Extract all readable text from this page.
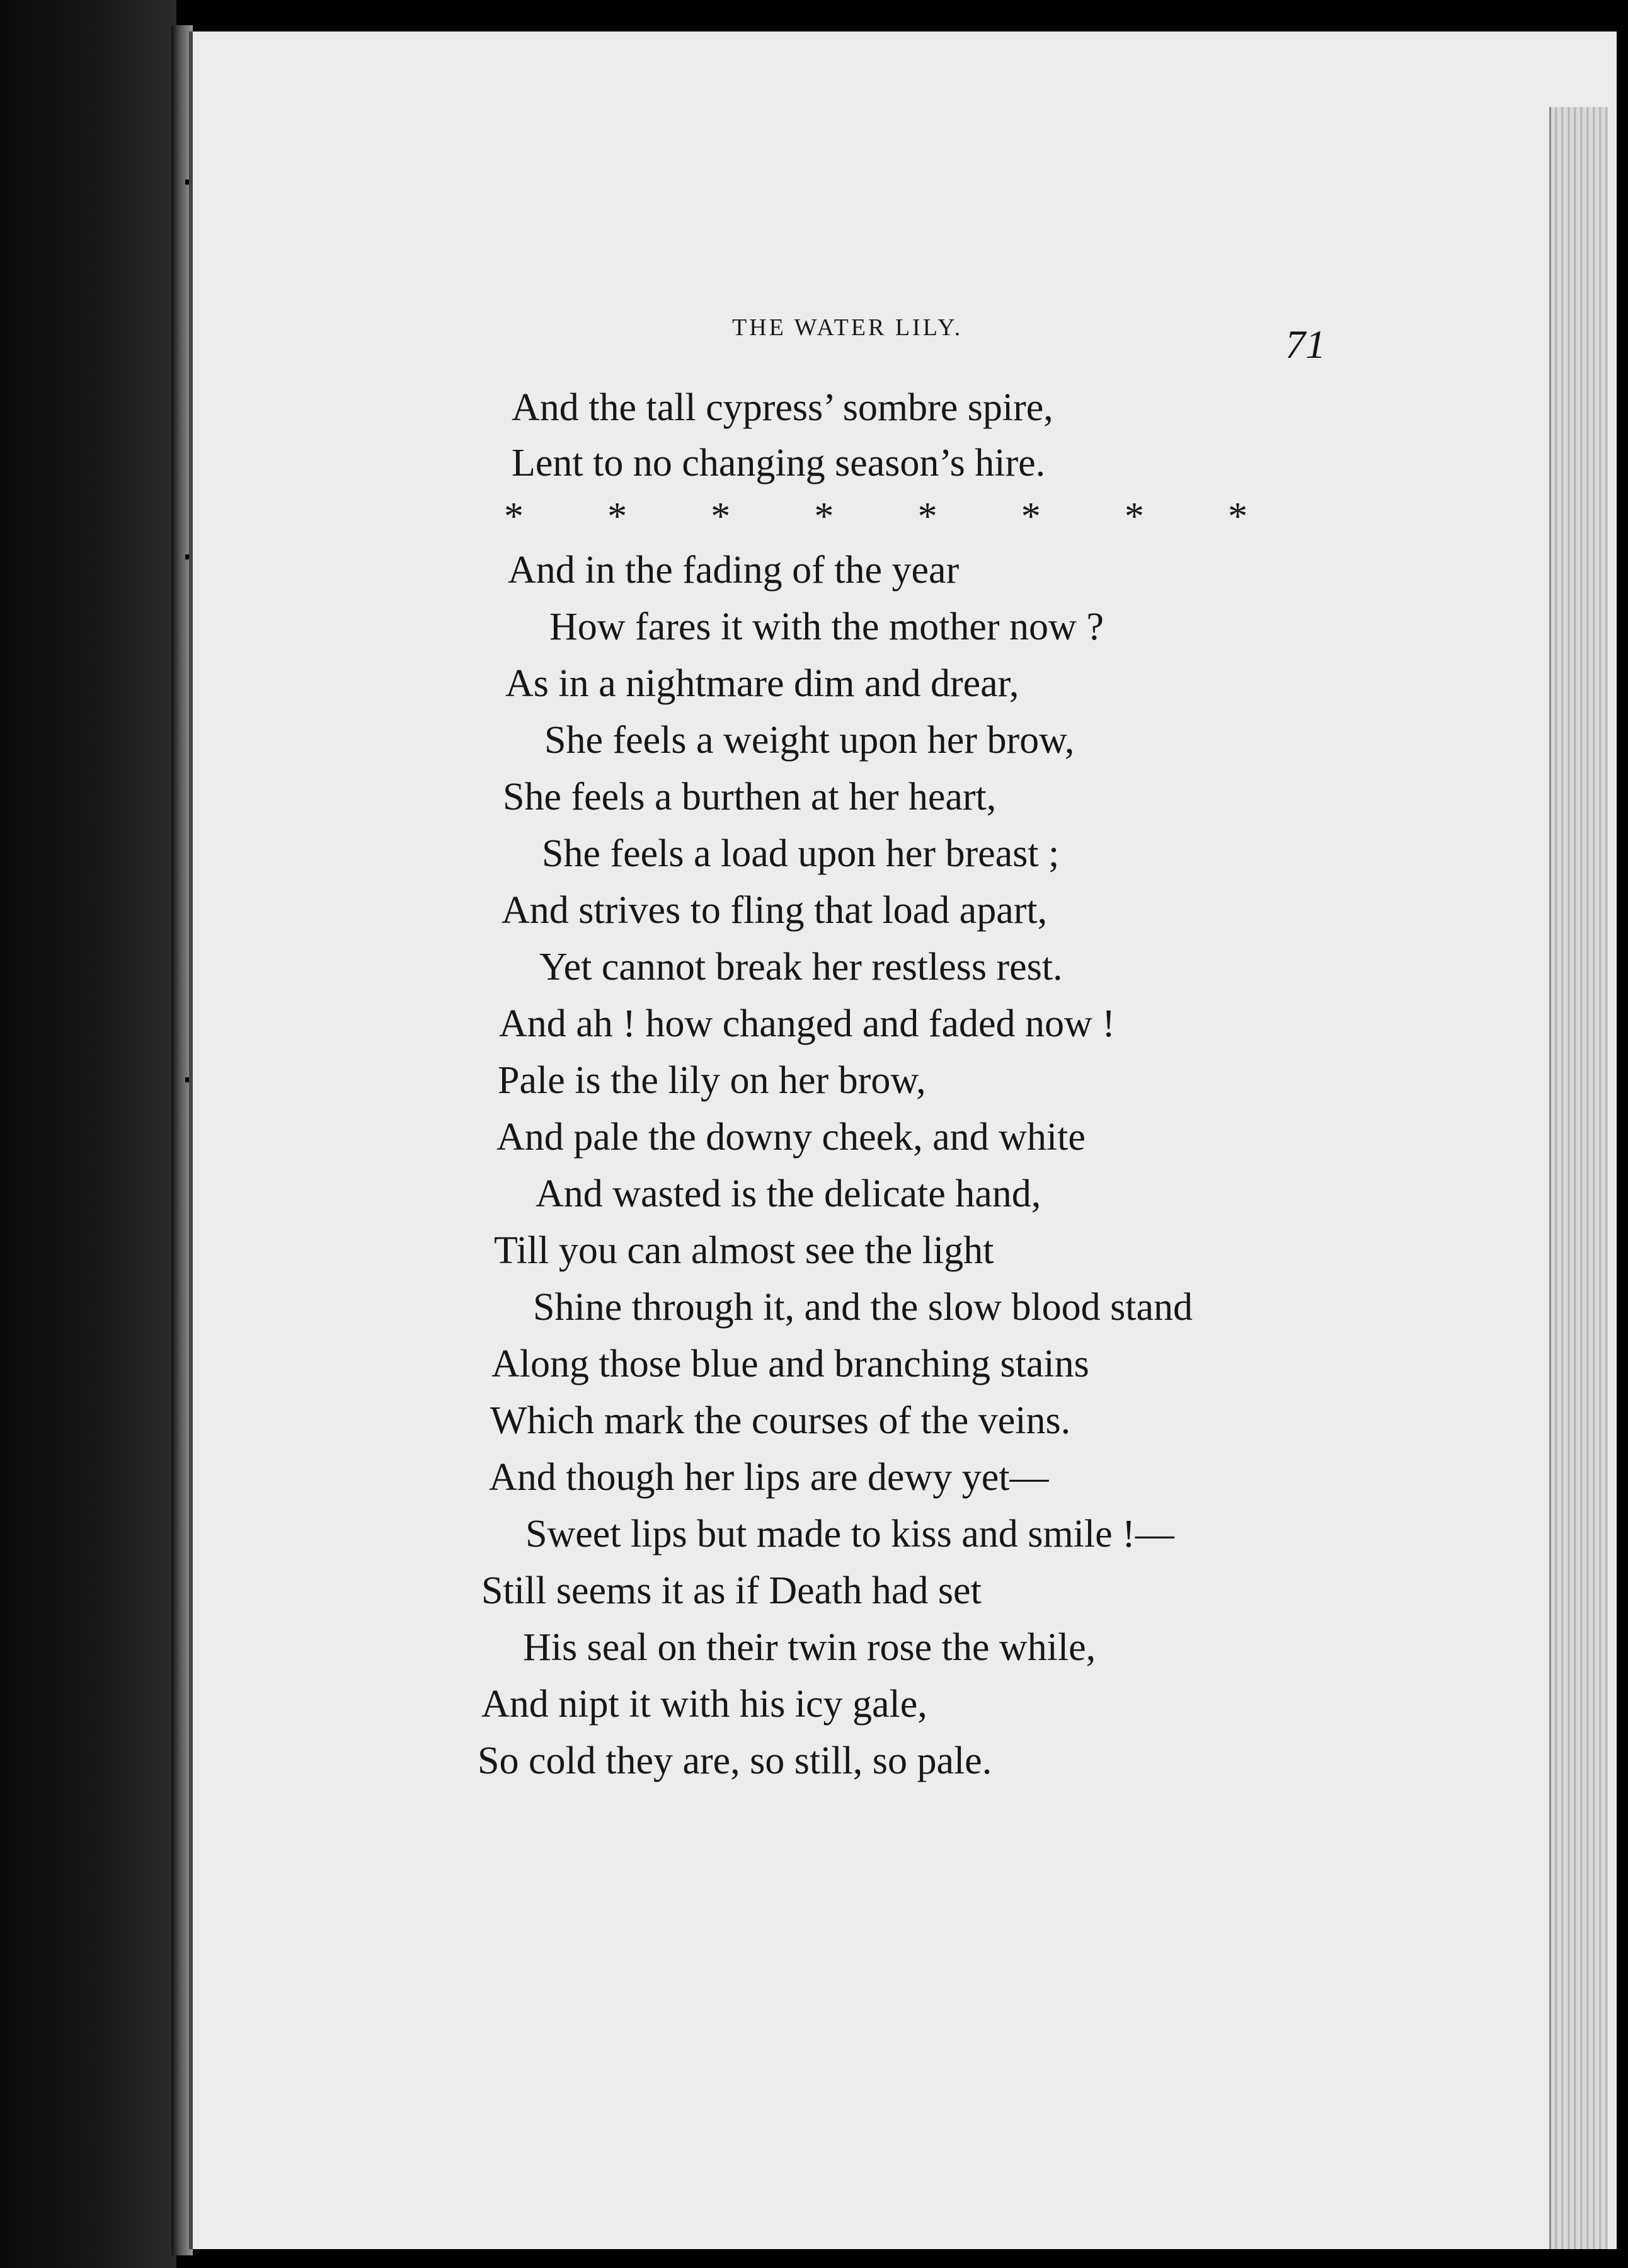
THE WATER LILY.	71
And the tall cypress’ sombre spire,
Lent to no changing season’s hire.
* * * * * * * *
And in the fading of the year
How fares it with the mother now ?
As in a nightmare dim and drear,
She feels a weight upon her brow,
She feels a burthen at her heart,
She feels a load upon her breast ;
And strives to fling that load apart,
Yet cannot break her restless rest.
And ah ! how changed and faded now !
Pale is the lily on her brow,
And pale the downy cheek, and white
And wasted is the delicate hand,
Till you can almost see the light
Shine through it, and the slow blood stand
Along those blue and branching stains
Which mark the courses of the veins.
And though her lips are dewy yet—
Sweet lips but made to kiss and smile !—
Still seems it as if Death had set
His seal on their twin rose the while,
And nipt it with his icy gale,
So cold they are, so still, so pale.
